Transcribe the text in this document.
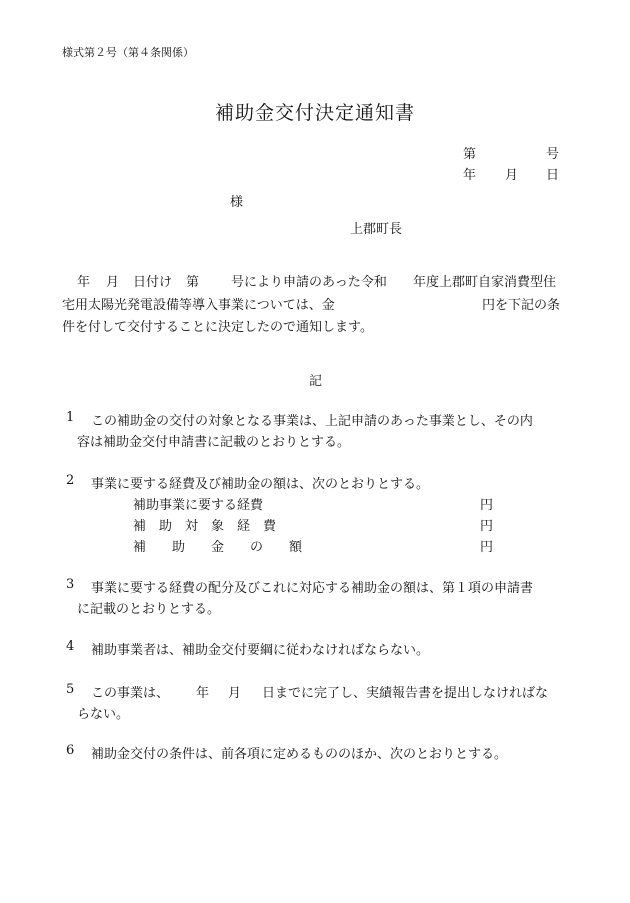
様式第２号（第４条関係）
補助金交付決定通知書
第	号
年 月 日
様
上郡町長
年 月 日付け 第 号により申請のあった令和 年度上郡町自家消費型住
宅用太陽光発電設備等導入事業については、金	円を下記の条
件を付して交付することに決定したので通知します。
記
1 この補助金の交付の対象となる事業は、上記申請のあった事業とし、その内
容は補助金交付申請書に記載のとおりとする。
2 事業に要する経費及び補助金の額は、次のとおりとする。
補助事業に要する経費	円
補　助　対　象　経　費	円
補　　助　　金　　の　　額	円
3 事業に要する経費の配分及びこれに対応する補助金の額は、第１項の申請書
に記載のとおりとする。
4 補助事業者は、補助金交付要綱に従わなければならない。
5 この事業は、 年 月 日までに完了し、実績報告書を提出しなければな
らない。
6 補助金交付の条件は、前各項に定めるもののほか、次のとおりとする。
